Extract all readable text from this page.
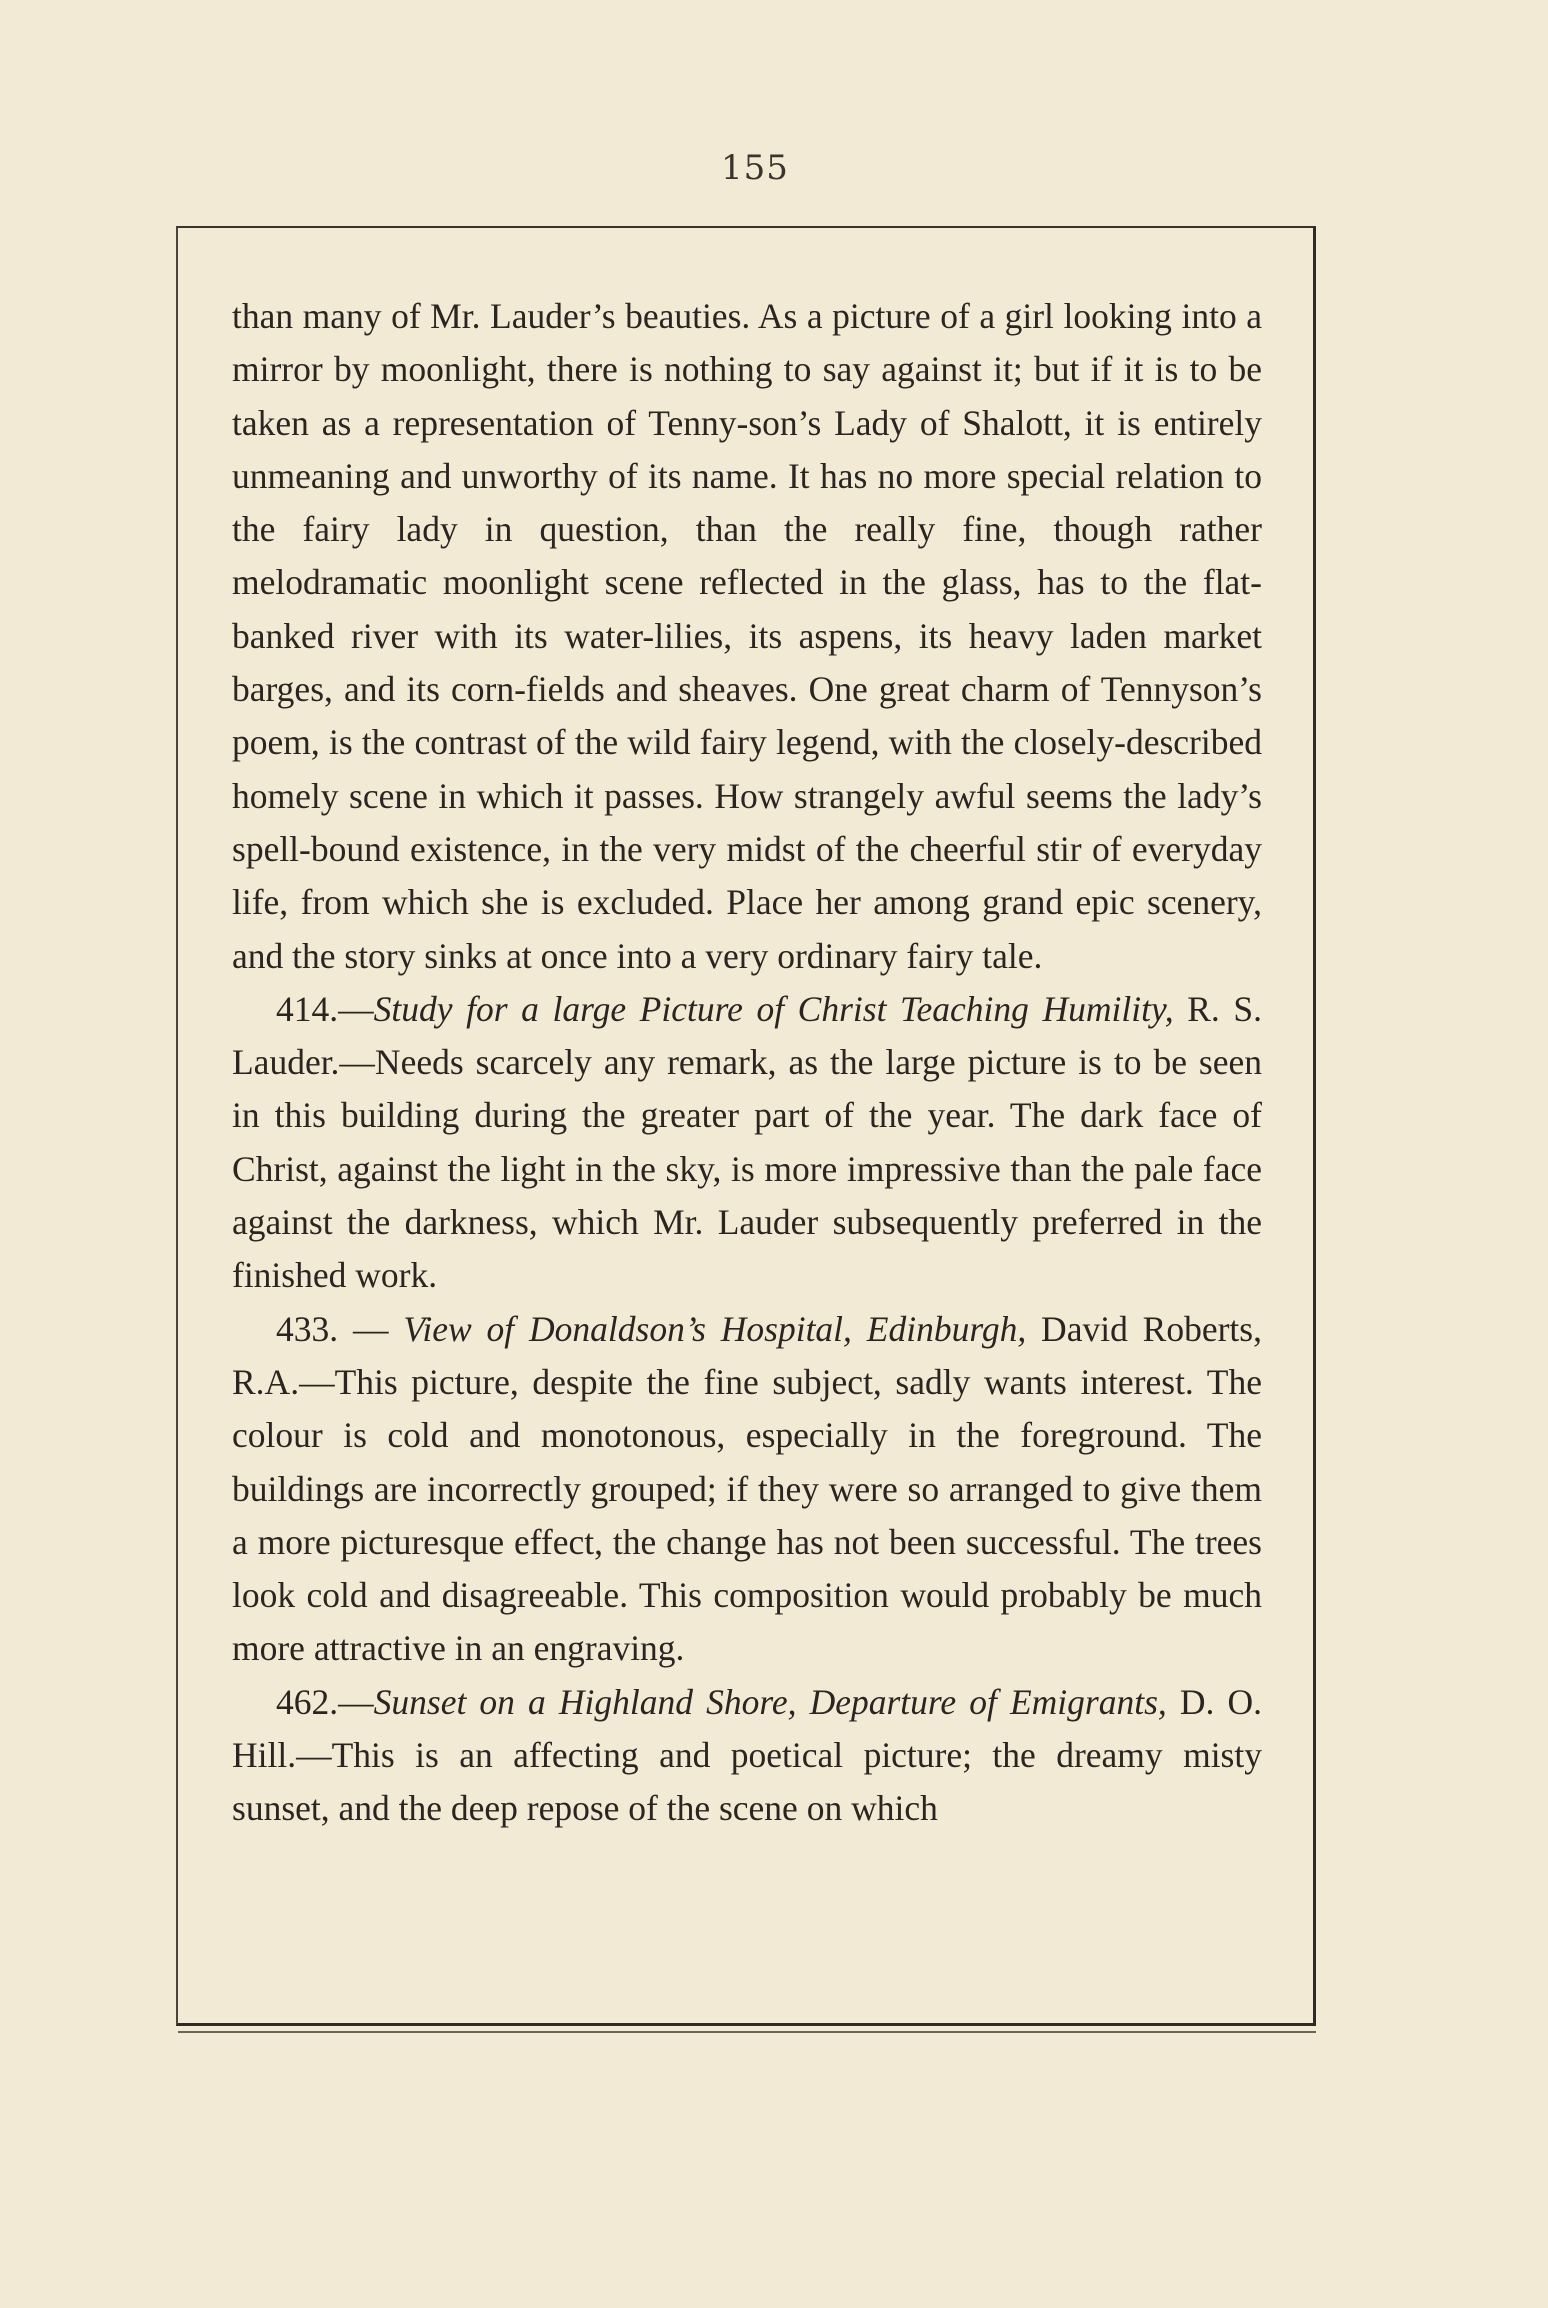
155

than many of Mr. Lauder’s beauties. As a picture of a girl looking into a mirror by moonlight, there is nothing to say against it; but if it is to be taken as a representation of Tenny-son’s Lady of Shalott, it is entirely unmeaning and unworthy of its name. It has no more special relation to the fairy lady in question, than the really fine, though rather melodramatic moonlight scene reflected in the glass, has to the flat-banked river with its water-lilies, its aspens, its heavy laden market barges, and its corn-fields and sheaves. One great charm of Tennyson’s poem, is the contrast of the wild fairy legend, with the closely-described homely scene in which it passes. How strangely awful seems the lady’s spell-bound existence, in the very midst of the cheerful stir of everyday life, from which she is excluded. Place her among grand epic scenery, and the story sinks at once into a very ordinary fairy tale.

414.—Study for a large Picture of Christ Teaching Humility, R. S. Lauder.—Needs scarcely any remark, as the large picture is to be seen in this building during the greater part of the year. The dark face of Christ, against the light in the sky, is more impressive than the pale face against the darkness, which Mr. Lauder subsequently preferred in the finished work.

433. — View of Donaldson’s Hospital, Edinburgh, David Roberts, R.A.—This picture, despite the fine subject, sadly wants interest. The colour is cold and monotonous, especially in the foreground. The buildings are incorrectly grouped; if they were so arranged to give them a more picturesque effect, the change has not been successful. The trees look cold and disagreeable. This composition would probably be much more attractive in an engraving.

462.—Sunset on a Highland Shore, Departure of Emigrants, D. O. Hill.—This is an affecting and poetical picture; the dreamy misty sunset, and the deep repose of the scene on which
